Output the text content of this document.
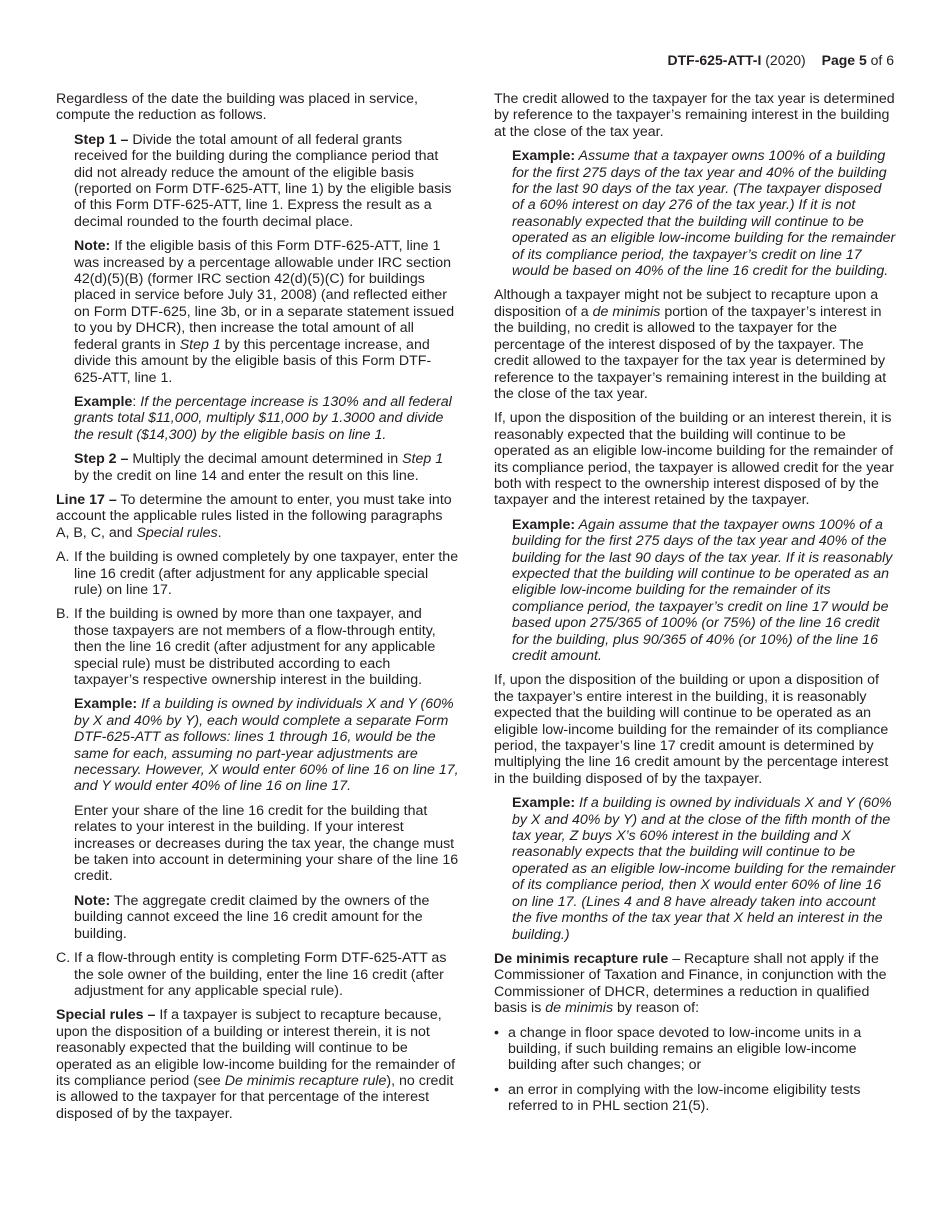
DTF-625-ATT-I (2020) Page 5 of 6

Regardless of the date the building was placed in service, compute the reduction as follows.

Step 1 – Divide the total amount of all federal grants received for the building during the compliance period that did not already reduce the amount of the eligible basis (reported on Form DTF-625-ATT, line 1) by the eligible basis of this Form DTF-625-ATT, line 1. Express the result as a decimal rounded to the fourth decimal place.

Note: If the eligible basis of this Form DTF-625-ATT, line 1 was increased by a percentage allowable under IRC section 42(d)(5)(B) (former IRC section 42(d)(5)(C) for buildings placed in service before July 31, 2008) (and reflected either on Form DTF-625, line 3b, or in a separate statement issued to you by DHCR), then increase the total amount of all federal grants in Step 1 by this percentage increase, and divide this amount by the eligible basis of this Form DTF-625-ATT, line 1.

Example: If the percentage increase is 130% and all federal grants total $11,000, multiply $11,000 by 1.3000 and divide the result ($14,300) by the eligible basis on line 1.

Step 2 – Multiply the decimal amount determined in Step 1 by the credit on line 14 and enter the result on this line.

Line 17 – To determine the amount to enter, you must take into account the applicable rules listed in the following paragraphs A, B, C, and Special rules.

A. If the building is owned completely by one taxpayer, enter the line 16 credit (after adjustment for any applicable special rule) on line 17.

B. If the building is owned by more than one taxpayer, and those taxpayers are not members of a flow-through entity, then the line 16 credit (after adjustment for any applicable special rule) must be distributed according to each taxpayer’s respective ownership interest in the building.

Example: If a building is owned by individuals X and Y (60% by X and 40% by Y), each would complete a separate Form DTF-625-ATT as follows: lines 1 through 16, would be the same for each, assuming no part-year adjustments are necessary. However, X would enter 60% of line 16 on line 17, and Y would enter 40% of line 16 on line 17.

Enter your share of the line 16 credit for the building that relates to your interest in the building. If your interest increases or decreases during the tax year, the change must be taken into account in determining your share of the line 16 credit.

Note: The aggregate credit claimed by the owners of the building cannot exceed the line 16 credit amount for the building.

C. If a flow-through entity is completing Form DTF-625-ATT as the sole owner of the building, enter the line 16 credit (after adjustment for any applicable special rule).

Special rules – If a taxpayer is subject to recapture because, upon the disposition of a building or interest therein, it is not reasonably expected that the building will continue to be operated as an eligible low-income building for the remainder of its compliance period (see De minimis recapture rule), no credit is allowed to the taxpayer for that percentage of the interest disposed of by the taxpayer.

The credit allowed to the taxpayer for the tax year is determined by reference to the taxpayer’s remaining interest in the building at the close of the tax year.

Example: Assume that a taxpayer owns 100% of a building for the first 275 days of the tax year and 40% of the building for the last 90 days of the tax year. (The taxpayer disposed of a 60% interest on day 276 of the tax year.) If it is not reasonably expected that the building will continue to be operated as an eligible low-income building for the remainder of its compliance period, the taxpayer’s credit on line 17 would be based on 40% of the line 16 credit for the building.

Although a taxpayer might not be subject to recapture upon a disposition of a de minimis portion of the taxpayer’s interest in the building, no credit is allowed to the taxpayer for the percentage of the interest disposed of by the taxpayer. The credit allowed to the taxpayer for the tax year is determined by reference to the taxpayer’s remaining interest in the building at the close of the tax year.

If, upon the disposition of the building or an interest therein, it is reasonably expected that the building will continue to be operated as an eligible low-income building for the remainder of its compliance period, the taxpayer is allowed credit for the year both with respect to the ownership interest disposed of by the taxpayer and the interest retained by the taxpayer.

Example: Again assume that the taxpayer owns 100% of a building for the first 275 days of the tax year and 40% of the building for the last 90 days of the tax year. If it is reasonably expected that the building will continue to be operated as an eligible low-income building for the remainder of its compliance period, the taxpayer’s credit on line 17 would be based upon 275/365 of 100% (or 75%) of the line 16 credit for the building, plus 90/365 of 40% (or 10%) of the line 16 credit amount.

If, upon the disposition of the building or upon a disposition of the taxpayer’s entire interest in the building, it is reasonably expected that the building will continue to be operated as an eligible low-income building for the remainder of its compliance period, the taxpayer’s line 17 credit amount is determined by multiplying the line 16 credit amount by the percentage interest in the building disposed of by the taxpayer.

Example: If a building is owned by individuals X and Y (60% by X and 40% by Y) and at the close of the fifth month of the tax year, Z buys X’s 60% interest in the building and X reasonably expects that the building will continue to be operated as an eligible low-income building for the remainder of its compliance period, then X would enter 60% of line 16 on line 17. (Lines 4 and 8 have already taken into account the five months of the tax year that X held an interest in the building.)

De minimis recapture rule – Recapture shall not apply if the Commissioner of Taxation and Finance, in conjunction with the Commissioner of DHCR, determines a reduction in qualified basis is de minimis by reason of:

• a change in floor space devoted to low-income units in a building, if such building remains an eligible low-income building after such changes; or
• an error in complying with the low-income eligibility tests referred to in PHL section 21(5).
